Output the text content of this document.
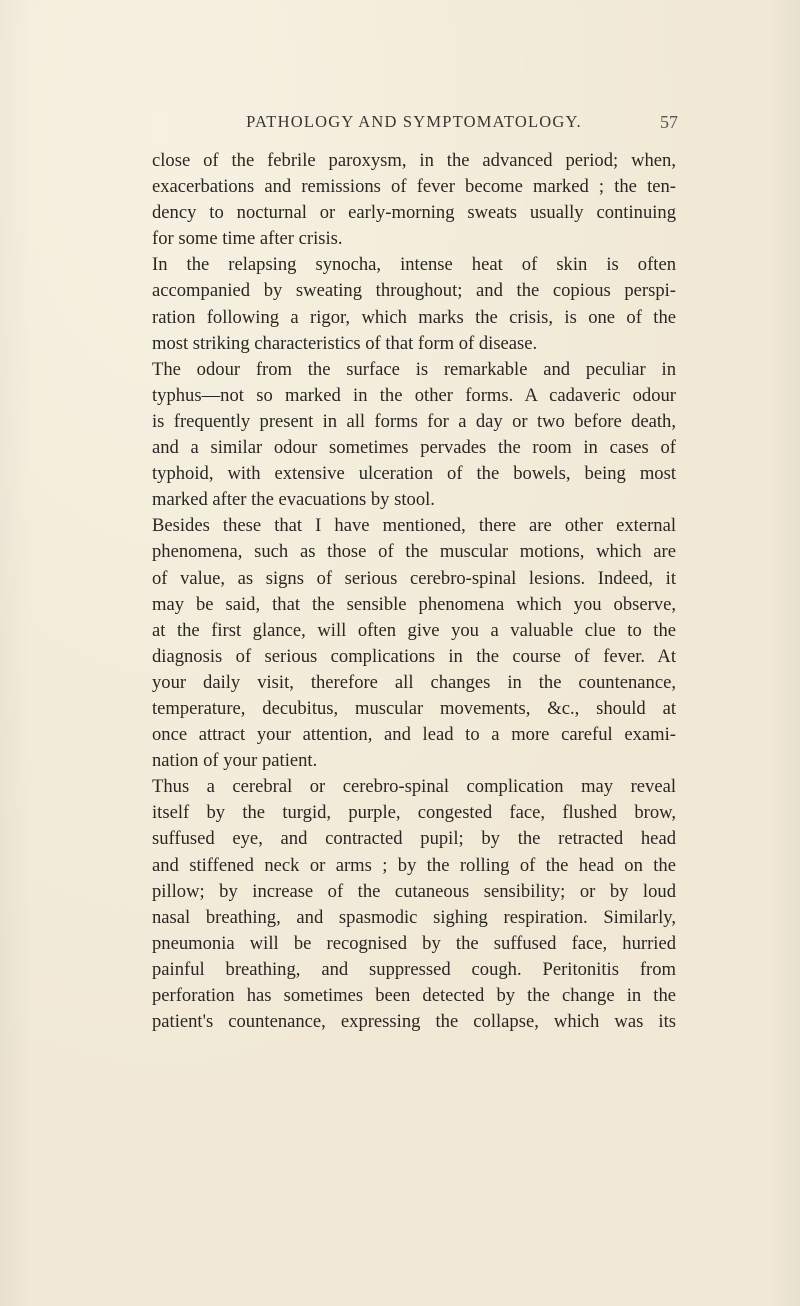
PATHOLOGY AND SYMPTOMATOLOGY.	57
close of the febrile paroxysm, in the advanced period; when,
exacerbations and remissions of fever become marked ; the ten-
dency to nocturnal or early-morning sweats usually continuing
for some time after crisis.
In the relapsing synocha, intense heat of skin is often
accompanied by sweating throughout; and the copious perspi-
ration following a rigor, which marks the crisis, is one of the
most striking characteristics of that form of disease.
The odour from the surface is remarkable and peculiar in
typhus—not so marked in the other forms. A cadaveric odour
is frequently present in all forms for a day or two before death,
and a similar odour sometimes pervades the room in cases of
typhoid, with extensive ulceration of the bowels, being most
marked after the evacuations by stool.
Besides these that I have mentioned, there are other external
phenomena, such as those of the muscular motions, which are
of value, as signs of serious cerebro-spinal lesions. Indeed, it
may be said, that the sensible phenomena which you observe,
at the first glance, will often give you a valuable clue to the
diagnosis of serious complications in the course of fever. At
your daily visit, therefore all changes in the countenance,
temperature, decubitus, muscular movements, &c., should at
once attract your attention, and lead to a more careful exami-
nation of your patient.
Thus a cerebral or cerebro-spinal complication may reveal
itself by the turgid, purple, congested face, flushed brow,
suffused eye, and contracted pupil; by the retracted head
and stiffened neck or arms ; by the rolling of the head on the
pillow; by increase of the cutaneous sensibility; or by loud
nasal breathing, and spasmodic sighing respiration. Similarly,
pneumonia will be recognised by the suffused face, hurried
painful breathing, and suppressed cough. Peritonitis from
perforation has sometimes been detected by the change in the
patient's countenance, expressing the collapse, which was its
